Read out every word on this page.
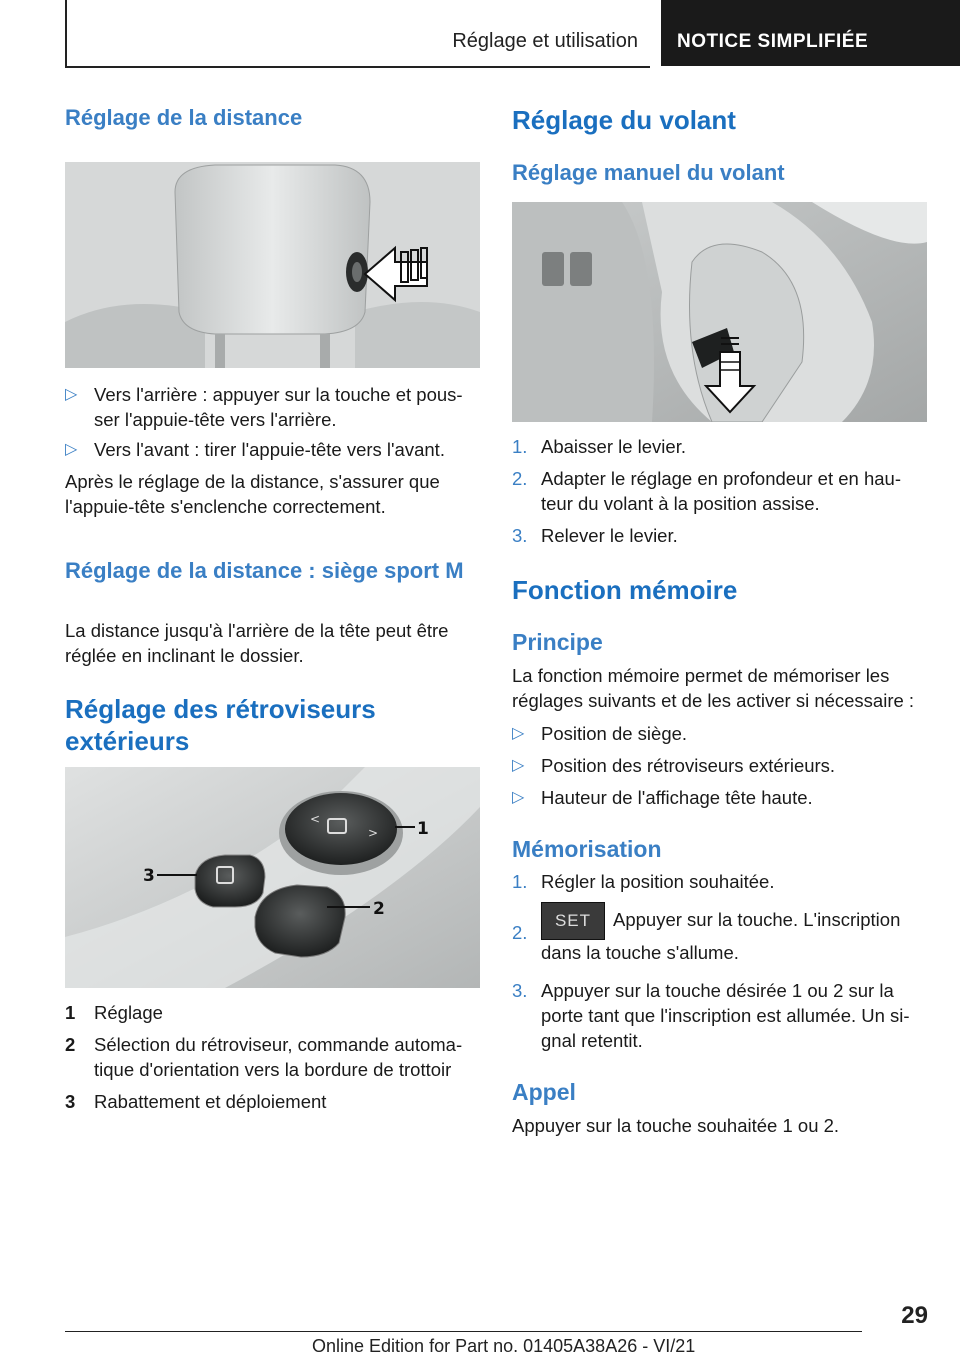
Réglage et utilisation NOTICE SIMPLIFIÉE
Réglage de la distance
▷ Vers l'arrière : appuyer sur la touche et pous-ser l'appuie-tête vers l'arrière.
▷ Vers l'avant : tirer l'appuie-tête vers l'avant.
Après le réglage de la distance, s'assurer que l'appuie-tête s'enclenche correctement.
Réglage de la distance : siège sport M
La distance jusqu'à l'arrière de la tête peut être réglée en inclinant le dossier.
Réglage des rétroviseurs extérieurs
<
> 1
3
2
1	Réglage
2	Sélection du rétroviseur, commande automa-tique d'orientation vers la bordure de trottoir
3	Rabattement et déploiement
Réglage du volant
Réglage manuel du volant
1. Abaisser le levier.
2. Adapter le réglage en profondeur et en hau-teur du volant à la position assise.
3. Relever le levier.
Fonction mémoire
Principe
La fonction mémoire permet de mémoriser les réglages suivants et de les activer si nécessaire :
▷ Position de siège.
▷ Position des rétroviseurs extérieurs.
▷ Hauteur de l'affichage tête haute.
Mémorisation
1. Régler la position souhaitée.
2.
SET Appuyer sur la touche. L'inscription dans la touche s'allume.
3. Appuyer sur la touche désirée 1 ou 2 sur la porte tant que l'inscription est allumée. Un si-gnal retentit.
Appel
Appuyer sur la touche souhaitée 1 ou 2.
29
Online Edition for Part no. 01405A38A26 - VI/21
